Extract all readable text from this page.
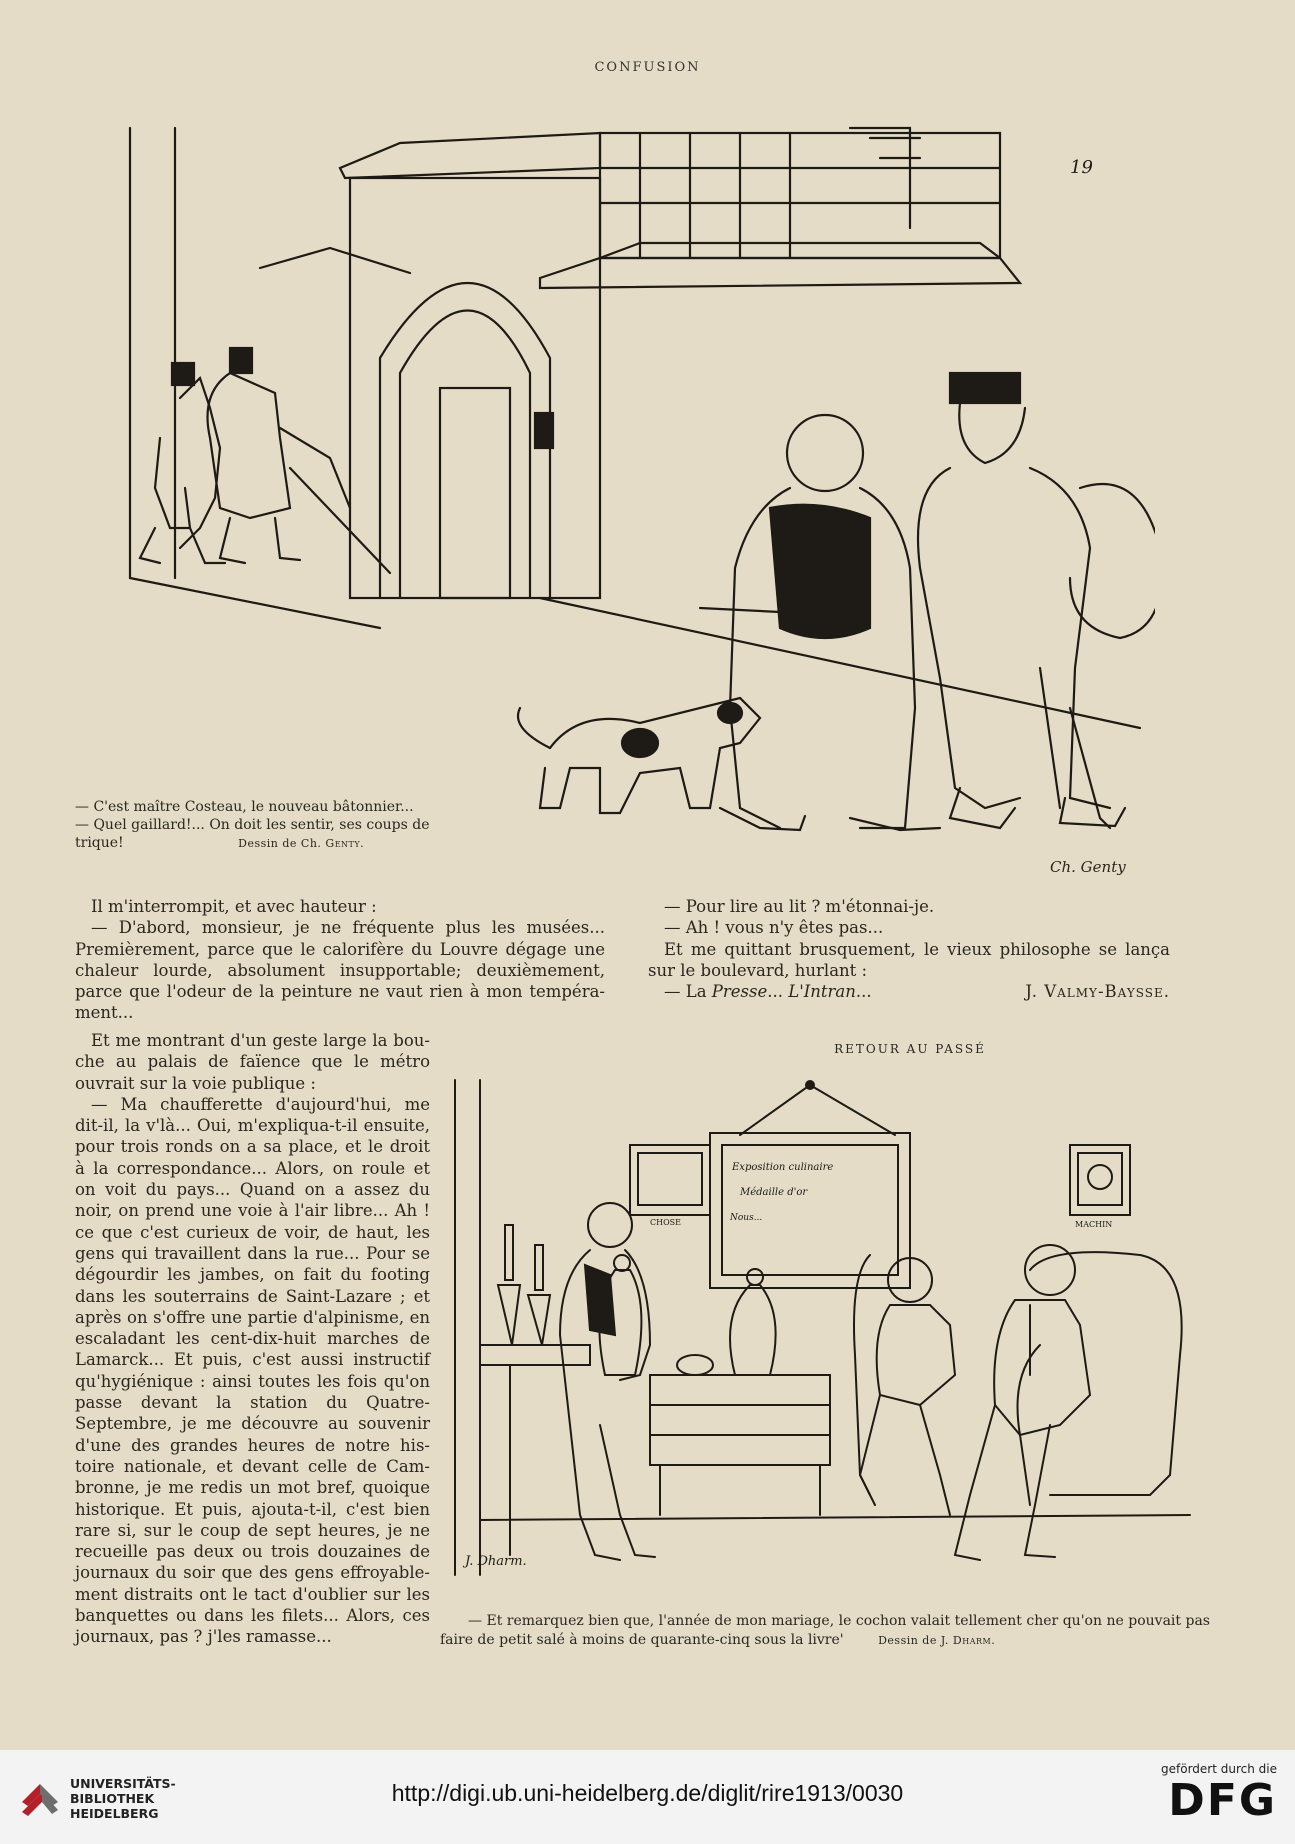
CONFUSION
19
— C'est maître Costeau, le nouveau bâtonnier...
— Quel gaillard!... On doit les sentir, ses coups de
trique!	Dessin de Ch. Genty.
Ch. Genty

Il m'interrompit, et avec hauteur :

— D'abord, monsieur, je ne fréquente plus les musées... Premièrement, parce que le calorifère du Louvre dégage une chaleur lourde, absolument insupportable; deuxièmement, parce que l'odeur de la peinture ne vaut rien à mon tempérament...

— Pour lire au lit ? m'étonnai-je.

— Ah ! vous n'y êtes pas...

Et me quittant brusquement, le vieux philosophe se lança sur le boulevard, hurlant :

— La Presse... L'Intran...	J. Valmy-Baysse.

Et me montrant d'un geste large la bouche au palais de faïence que le métro ouvrait sur la voie publique :

— Ma chaufferette d'aujourd'hui, me dit-il, la v'là... Oui, m'expliqua-t-il ensuite, pour trois ronds on a sa place, et le droit à la correspondance... Alors, on roule et on voit du pays... Quand on a assez du noir, on prend une voie à l'air libre... Ah ! ce que c'est curieux de voir, de haut, les gens qui travaillent dans la rue... Pour se dégourdir les jambes, on fait du footing dans les souterrains de Saint-Lazare ; et après on s'offre une partie d'alpinisme, en escaladant les cent-dix-huit marches de Lamarck... Et puis, c'est aussi instructif qu'hygiénique : ainsi toutes les fois qu'on passe devant la station du Quatre-Septembre, je me découvre au souvenir d'une des grandes heures de notre histoire nationale, et devant celle de Cambronne, je me redis un mot bref, quoique historique. Et puis, ajouta-t-il, c'est bien rare si, sur le coup de sept heures, je ne recueille pas deux ou trois douzaines de journaux du soir que des gens effroyablement distraits ont le tact d'oublier sur les banquettes ou dans les filets... Alors, ces journaux, pas ? j'les ramasse...

RETOUR AU PASSÉ
Exposition culinaire
Médaille d'or
Nous...
CHOSE	MACHIN
J. Dharm.
— Et remarquez bien que, l'année de mon mariage, le cochon valait tellement cher qu'on ne pouvait pas faire de petit salé à moins de quarante-cinq sous la livre'	Dessin de J. Dharm.
UNIVERSITÄTS-
BIBLIOTHEK
HEIDELBERG
http://digi.ub.uni-heidelberg.de/diglit/rire1913/0030
gefördert durch die
DFG
